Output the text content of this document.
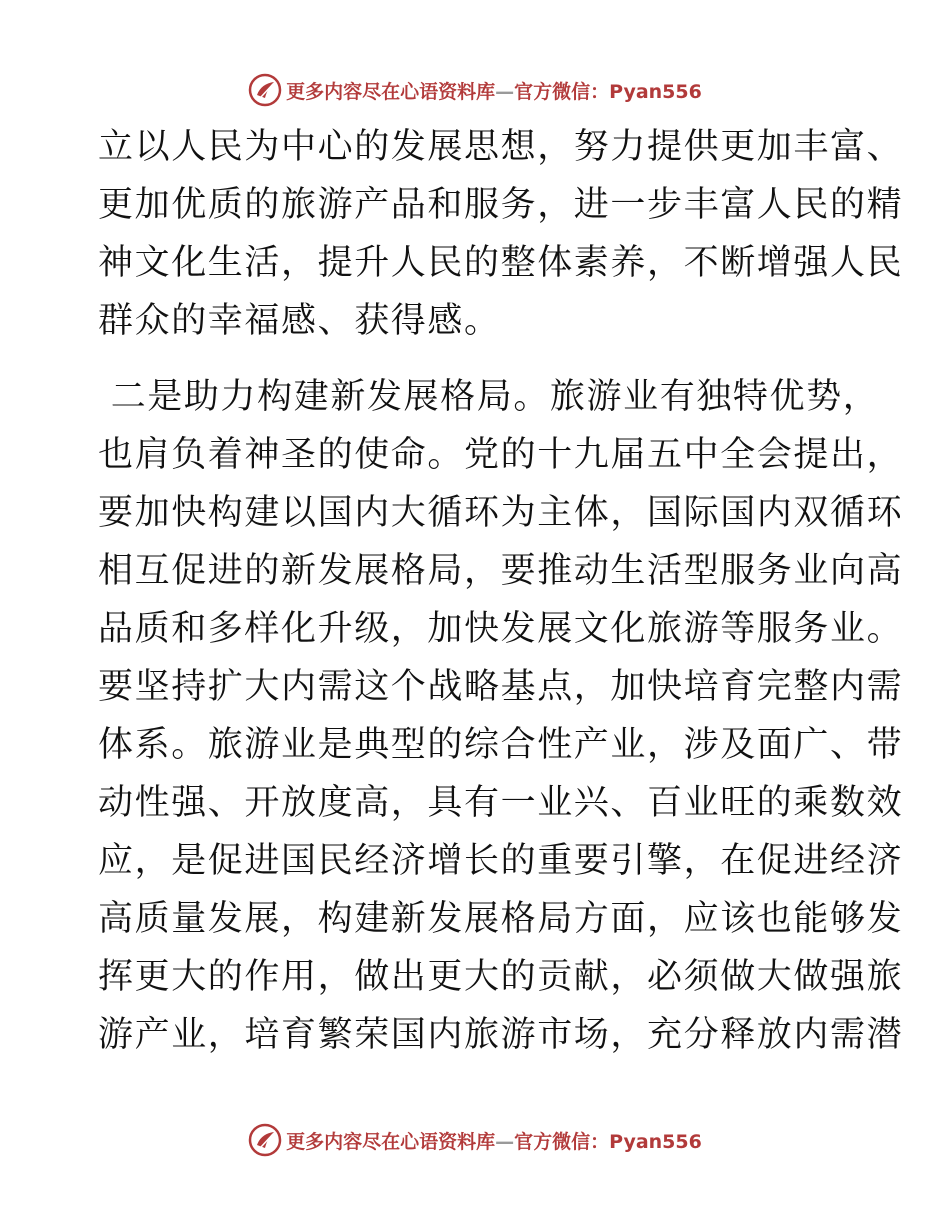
更多内容尽在心语资料库—官方微信：Pyan556
立以人民为中心的发展思想，努力提供更加丰富、
更加优质的旅游产品和服务，进一步丰富人民的精
神文化生活，提升人民的整体素养，不断增强人民
群众的幸福感、获得感。
二是助力构建新发展格局。旅游业有独特优势，
也肩负着神圣的使命。党的十九届五中全会提出，
要加快构建以国内大循环为主体，国际国内双循环
相互促进的新发展格局，要推动生活型服务业向高
品质和多样化升级，加快发展文化旅游等服务业。
要坚持扩大内需这个战略基点，加快培育完整内需
体系。旅游业是典型的综合性产业，涉及面广、带
动性强、开放度高，具有一业兴、百业旺的乘数效
应，是促进国民经济增长的重要引擎，在促进经济
高质量发展，构建新发展格局方面，应该也能够发
挥更大的作用，做出更大的贡献，必须做大做强旅
游产业，培育繁荣国内旅游市场，充分释放内需潜
更多内容尽在心语资料库—官方微信：Pyan556
